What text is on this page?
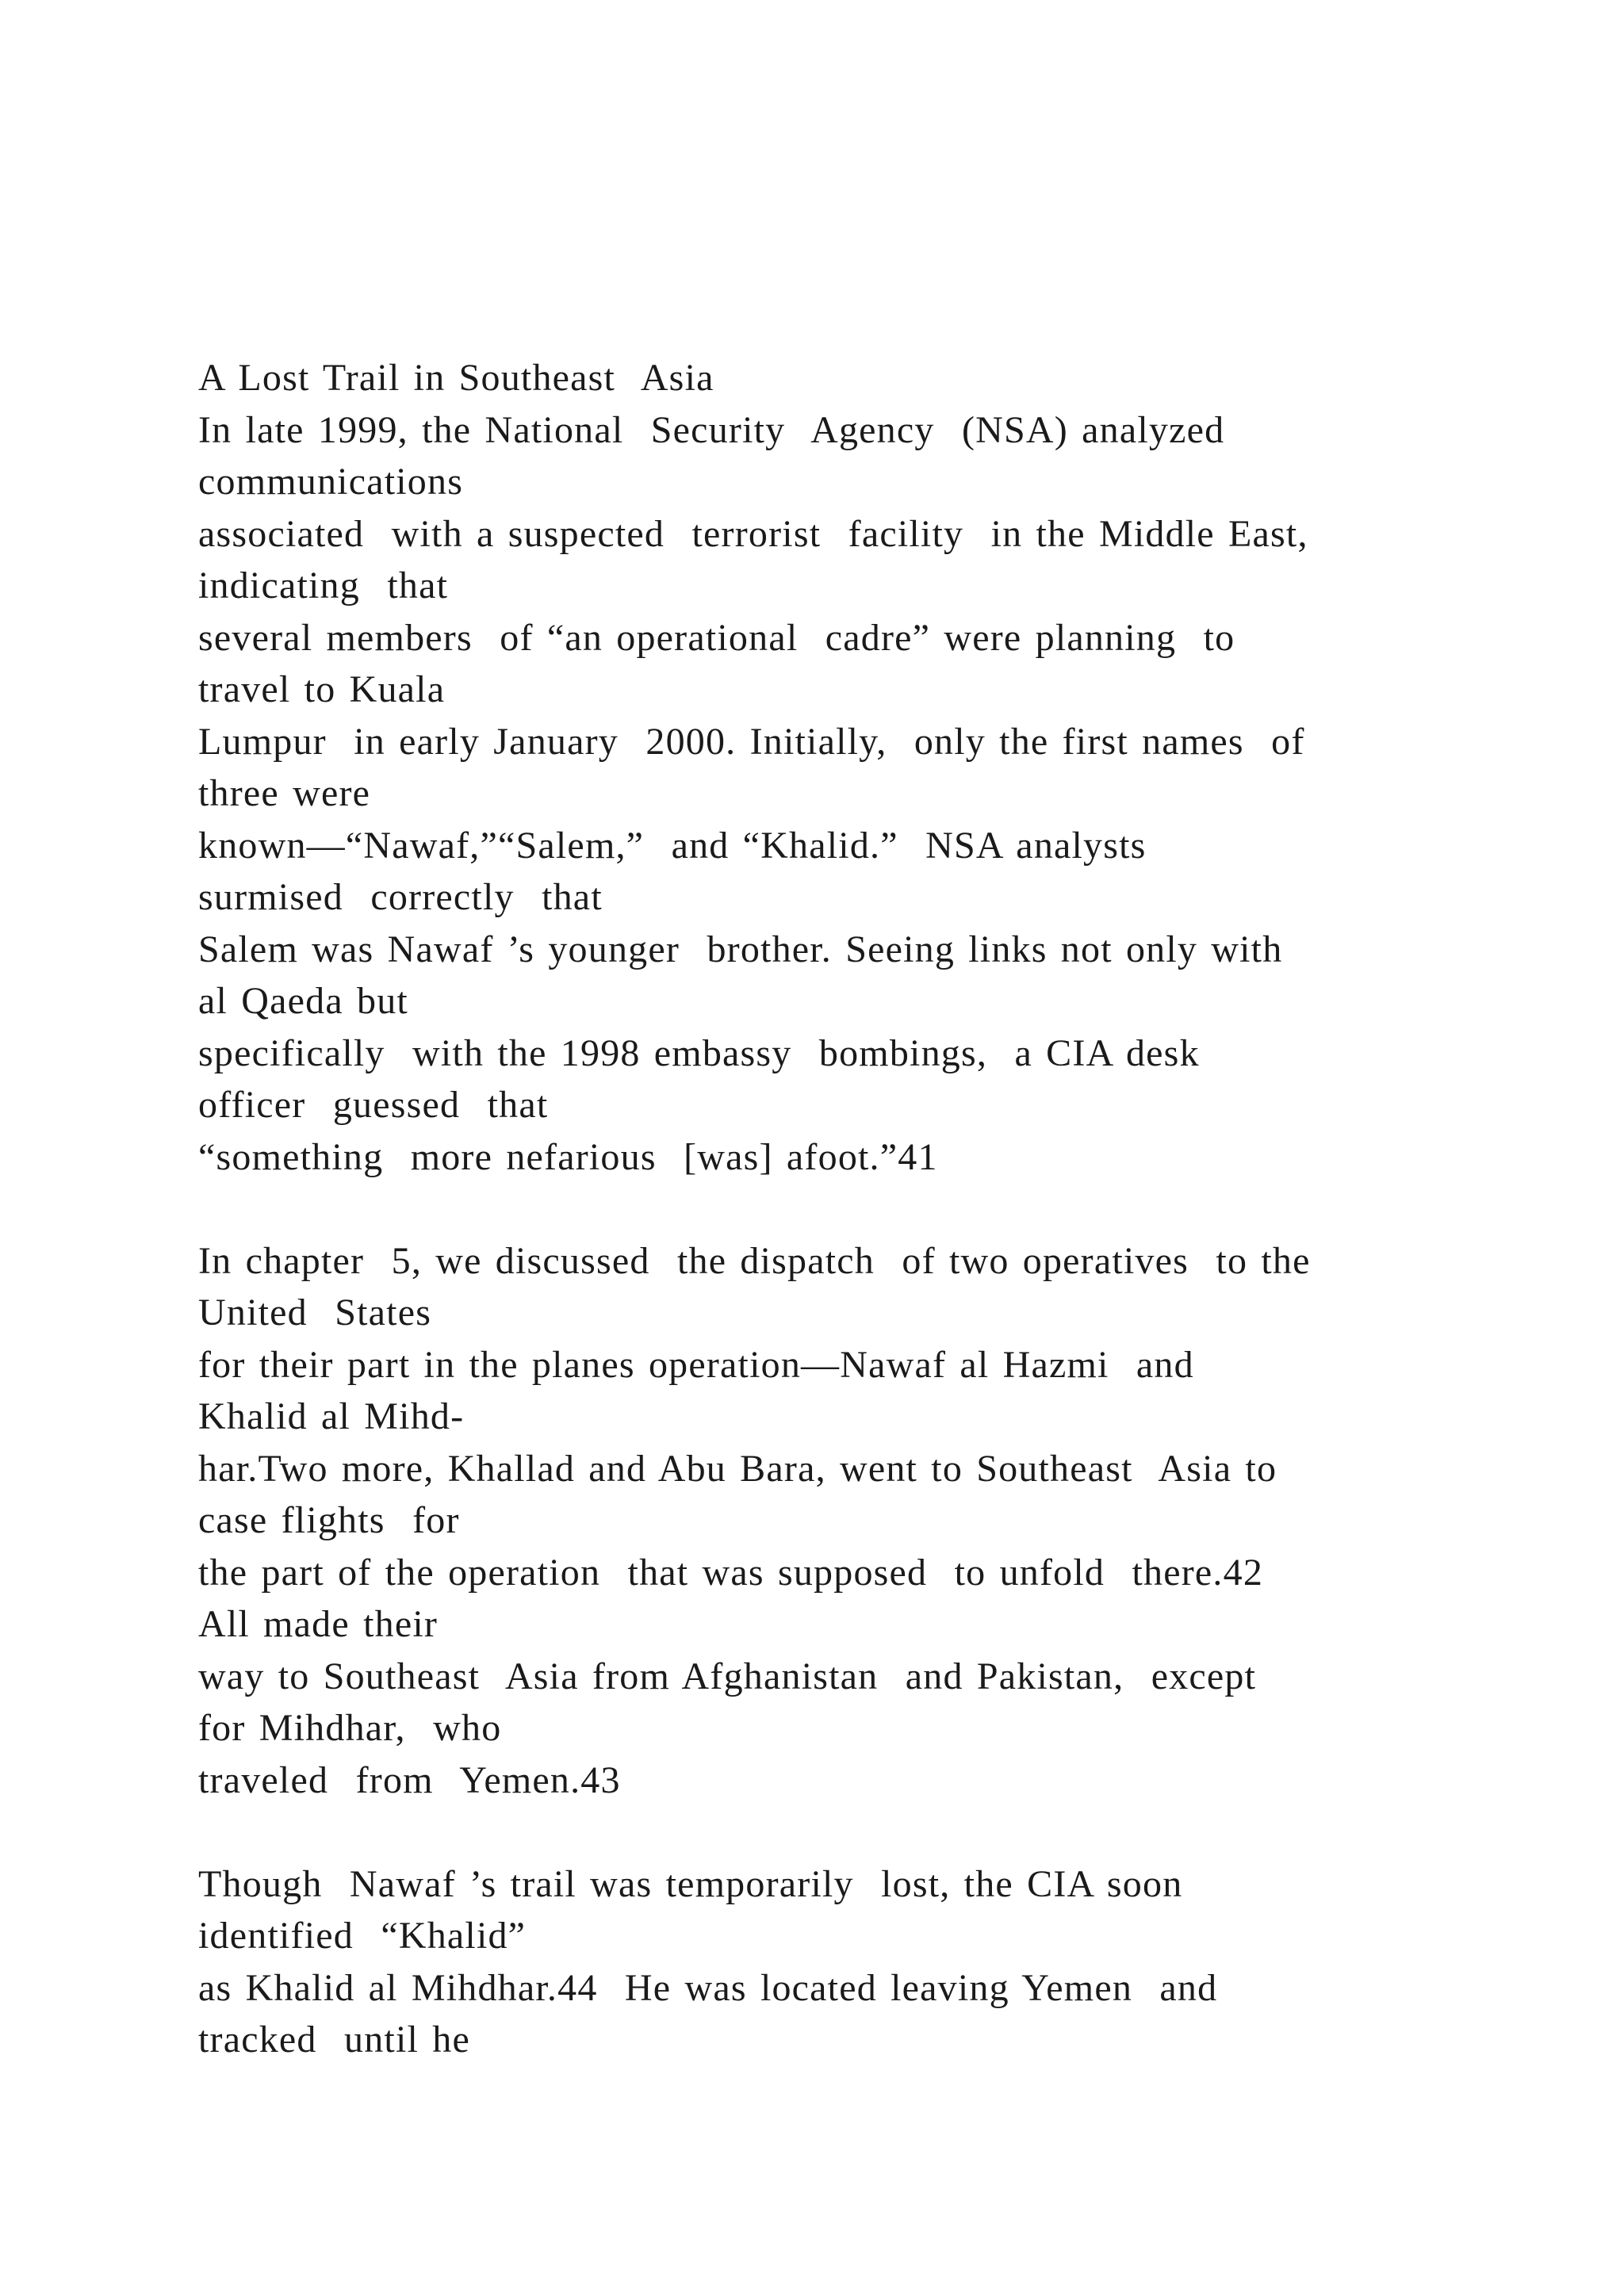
A Lost Trail in Southeast  Asia
In late 1999, the National  Security  Agency  (NSA) analyzed
communications
associated  with a suspected  terrorist  facility  in the Middle East,
indicating  that
several members  of “an operational  cadre” were planning  to
travel to Kuala
Lumpur  in early January  2000. Initially,  only the first names  of
three were
known—“Nawaf,”“Salem,”  and “Khalid.”  NSA analysts
surmised  correctly  that
Salem was Nawaf ’s younger  brother. Seeing links not only with
al Qaeda but
specifically  with the 1998 embassy  bombings,  a CIA desk
officer  guessed  that
“something  more nefarious  [was] afoot.”41
In chapter  5, we discussed  the dispatch  of two operatives  to the
United  States
for their part in the planes operation—Nawaf al Hazmi  and
Khalid al Mihd-
har.Two more, Khallad and Abu Bara, went to Southeast  Asia to
case flights  for
the part of the operation  that was supposed  to unfold  there.42
All made their
way to Southeast  Asia from Afghanistan  and Pakistan,  except
for Mihdhar,  who
traveled  from  Yemen.43
Though  Nawaf ’s trail was temporarily  lost, the CIA soon
identified  “Khalid”
as Khalid al Mihdhar.44  He was located leaving Yemen  and
tracked  until he
